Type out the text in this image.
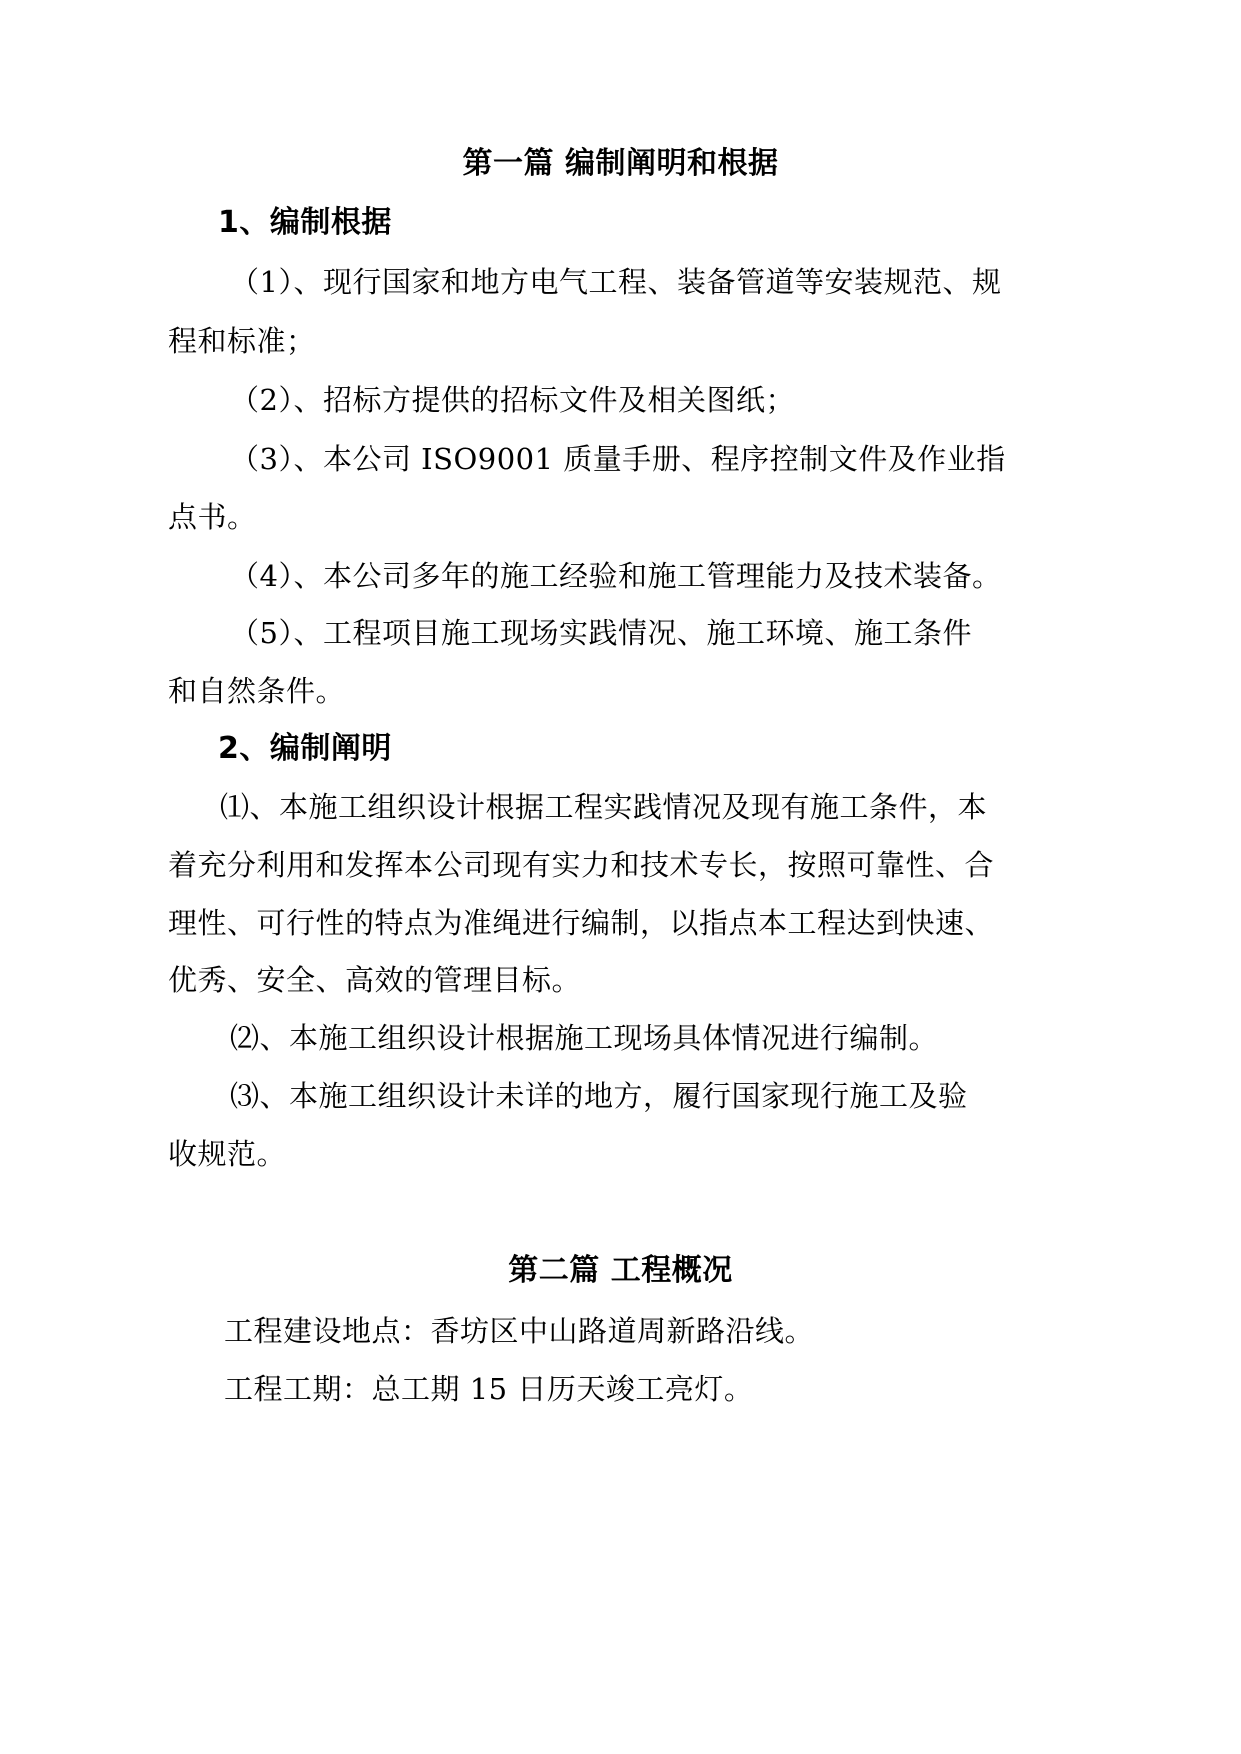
第一篇 编制阐明和根据
1、编制根据
（1）、现行国家和地方电气工程、装备管道等安装规范、规
程和标准；
（2）、招标方提供的招标文件及相关图纸；
（3）、本公司 ISO9001 质量手册、程序控制文件及作业指
点书。
（4）、本公司多年的施工经验和施工管理能力及技术装备。
（5）、工程项目施工现场实践情况、施工环境、施工条件
和自然条件。
2、编制阐明
⑴、本施工组织设计根据工程实践情况及现有施工条件，本
着充分利用和发挥本公司现有实力和技术专长，按照可靠性、合
理性、可行性的特点为准绳进行编制，以指点本工程达到快速、
优秀、安全、高效的管理目标。
⑵、本施工组织设计根据施工现场具体情况进行编制。
⑶、本施工组织设计未详的地方，履行国家现行施工及验
收规范。
第二篇 工程概况
工程建设地点：香坊区中山路道周新路沿线。
工程工期：总工期 15 日历天竣工亮灯。
